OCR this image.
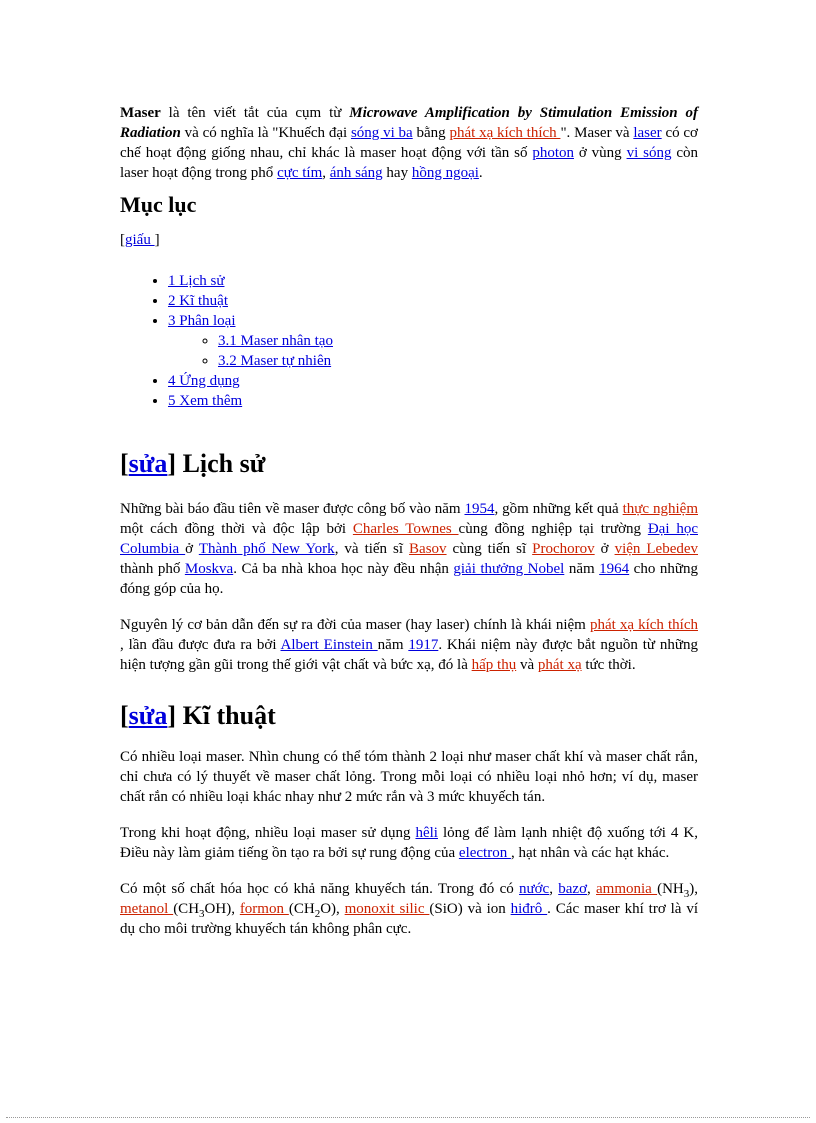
Maser là tên viết tắt của cụm từ Microwave Amplification by Stimulation Emission of Radiation và có nghĩa là "Khuếch đại sóng vi ba bằng phát xạ kích thích ". Maser và laser có cơ chế hoạt động giống nhau, chỉ khác là maser hoạt động với tần số photon ở vùng vi sóng còn laser hoạt động trong phổ cực tím, ánh sáng hay hồng ngoại.

Mục lục
[giấu ]
• 1 Lịch sử
• 2 Kĩ thuật
• 3 Phân loại
◦ 3.1 Maser nhân tạo
◦ 3.2 Maser tự nhiên
• 4 Ứng dụng
• 5 Xem thêm
[sửa] Lịch sử

Những bài báo đầu tiên về maser được công bố vào năm 1954, gồm những kết quả thực nghiệm một cách đồng thời và độc lập bởi Charles Townes cùng đồng nghiệp tại trường Đại học Columbia ở Thành phố New York, và tiến sĩ Basov cùng tiến sĩ Prochorov ở viện Lebedev thành phố Moskva. Cả ba nhà khoa học này đều nhận giải thưởng Nobel năm 1964 cho những đóng góp của họ.

Nguyên lý cơ bản dẫn đến sự ra đời của maser (hay laser) chính là khái niệm phát xạ kích thích , lần đầu được đưa ra bởi Albert Einstein năm 1917. Khái niệm này được bắt nguồn từ những hiện tượng gần gũi trong thế giới vật chất và bức xạ, đó là hấp thụ và phát xạ tức thời.

[sửa] Kĩ thuật

Có nhiều loại maser. Nhìn chung có thể tóm thành 2 loại như maser chất khí và maser chất rắn, chỉ chưa có lý thuyết về maser chất lỏng. Trong mỗi loại có nhiều loại nhỏ hơn; ví dụ, maser chất rắn có nhiều loại khác nhay như 2 mức rắn và 3 mức khuyếch tán.

Trong khi hoạt động, nhiều loại maser sử dụng hêli lỏng để làm lạnh nhiệt độ xuống tới 4 K, Điều này làm giảm tiếng ồn tạo ra bởi sự rung động của electron , hạt nhân và các hạt khác.

Có một số chất hóa học có khả năng khuyếch tán. Trong đó có nước, bazơ, ammonia $(NH_3)$, metanol $(CH_3OH)$, formon $(CH_2O)$, monoxit silic (SiO) và ion hiđrô . Các maser khí trơ là ví dụ cho môi trường khuyếch tán không phân cực.
